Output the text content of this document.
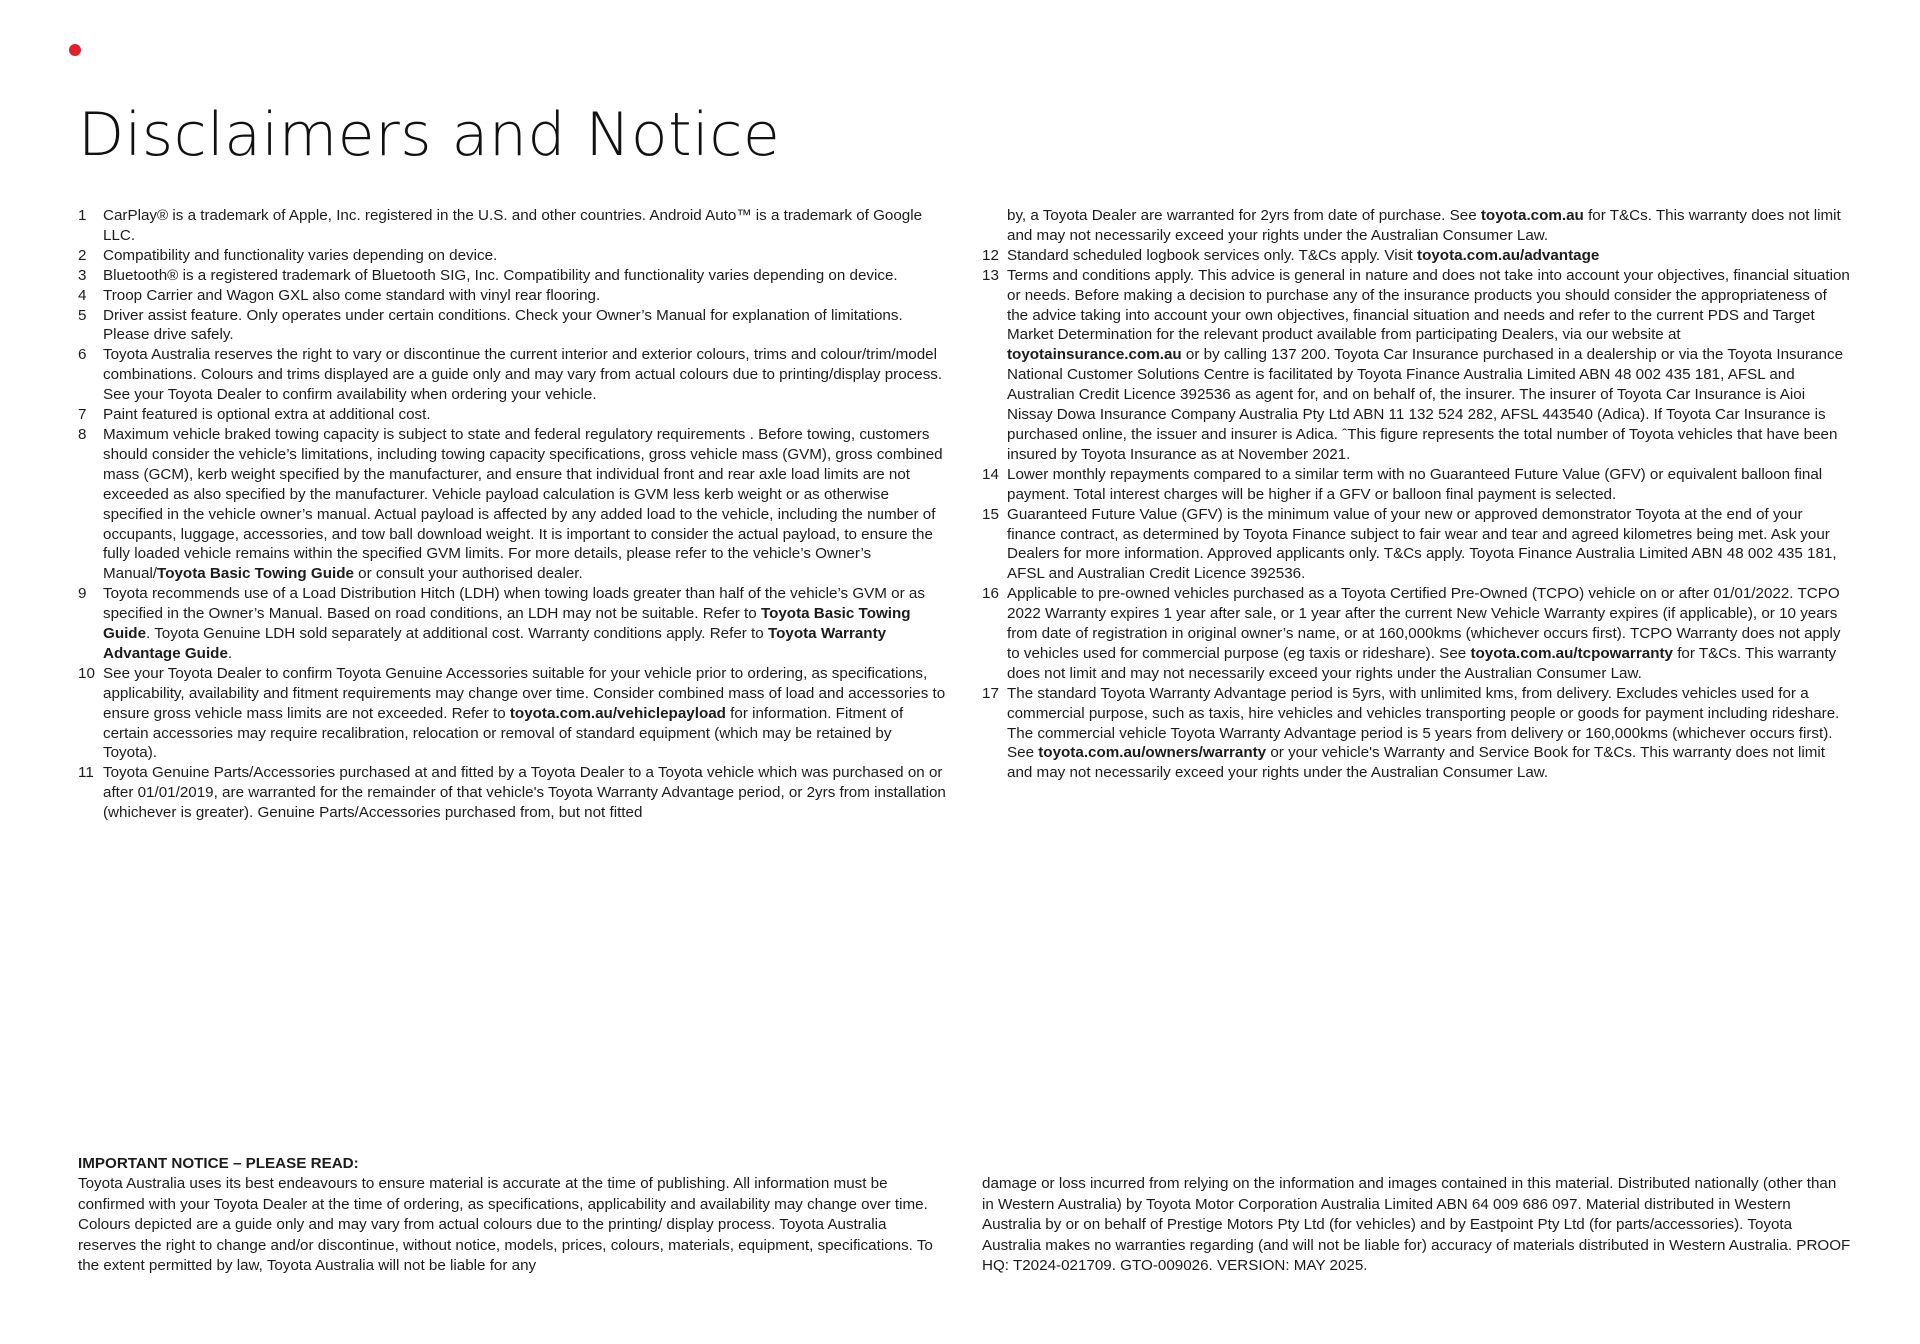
Disclaimers and Notice
1	CarPlay® is a trademark of Apple, Inc. registered in the U.S. and other countries. Android Auto™ is a trademark of Google LLC.
2	Compatibility and functionality varies depending on device.
3	Bluetooth® is a registered trademark of Bluetooth SIG, Inc. Compatibility and functionality varies depending on device.
4	Troop Carrier and Wagon GXL also come standard with vinyl rear flooring.
5	Driver assist feature. Only operates under certain conditions. Check your Owner’s Manual for explanation of limitations. Please drive safely.
6	Toyota Australia reserves the right to vary or discontinue the current interior and exterior colours, trims and colour/trim/model combinations. Colours and trims displayed are a guide only and may vary from actual colours due to printing/display process. See your Toyota Dealer to confirm availability when ordering your vehicle.
7	Paint featured is optional extra at additional cost.
8	Maximum vehicle braked towing capacity is subject to state and federal regulatory requirements . Before towing, customers should consider the vehicle’s limitations, including towing capacity specifications, gross vehicle mass (GVM), gross combined mass (GCM), kerb weight specified by the manufacturer, and ensure that individual front and rear axle load limits are not exceeded as also specified by the manufacturer. Vehicle payload calculation is GVM less kerb weight or as otherwise specified in the vehicle owner’s manual. Actual payload is affected by any added load to the vehicle, including the number of occupants, luggage, accessories, and tow ball download weight. It is important to consider the actual payload, to ensure the fully loaded vehicle remains within the specified GVM limits. For more details, please refer to the vehicle’s Owner’s Manual/Toyota Basic Towing Guide or consult your authorised dealer.
9	Toyota recommends use of a Load Distribution Hitch (LDH) when towing loads greater than half of the vehicle’s GVM or as specified in the Owner’s Manual. Based on road conditions, an LDH may not be suitable. Refer to Toyota Basic Towing Guide. Toyota Genuine LDH sold separately at additional cost. Warranty conditions apply. Refer to Toyota Warranty Advantage Guide.
10 See your Toyota Dealer to confirm Toyota Genuine Accessories suitable for your vehicle prior to ordering, as specifications, applicability, availability and fitment requirements may change over time. Consider combined mass of load and accessories to ensure gross vehicle mass limits are not exceeded. Refer to toyota.com.au/vehiclepayload for information. Fitment of certain accessories may require recalibration, relocation or removal of standard equipment (which may be retained by Toyota).
11 Toyota Genuine Parts/Accessories purchased at and fitted by a Toyota Dealer to a Toyota vehicle which was purchased on or after 01/01/2019, are warranted for the remainder of that vehicle's Toyota Warranty Advantage period, or 2yrs from installation (whichever is greater). Genuine Parts/Accessories purchased from, but not fitted
by, a Toyota Dealer are warranted for 2yrs from date of purchase. See toyota.com.au for T&Cs. This warranty does not limit and may not necessarily exceed your rights under the Australian Consumer Law.
12 Standard scheduled logbook services only. T&Cs apply. Visit toyota.com.au/advantage
13 Terms and conditions apply. This advice is general in nature and does not take into account your objectives, financial situation or needs. Before making a decision to purchase any of the insurance products you should consider the appropriateness of the advice taking into account your own objectives, financial situation and needs and refer to the current PDS and Target Market Determination for the relevant product available from participating Dealers, via our website at toyotainsurance.com.au or by calling 137 200. Toyota Car Insurance purchased in a dealership or via the Toyota Insurance National Customer Solutions Centre is facilitated by Toyota Finance Australia Limited ABN 48 002 435 181, AFSL and Australian Credit Licence 392536 as agent for, and on behalf of, the insurer. The insurer of Toyota Car Insurance is Aioi Nissay Dowa Insurance Company Australia Pty Ltd ABN 11 132 524 282, AFSL 443540 (Adica). If Toyota Car Insurance is purchased online, the issuer and insurer is Adica. ˆThis figure represents the total number of Toyota vehicles that have been insured by Toyota Insurance as at November 2021.
14 Lower monthly repayments compared to a similar term with no Guaranteed Future Value (GFV) or equivalent balloon final payment. Total interest charges will be higher if a GFV or balloon final payment is selected.
15 Guaranteed Future Value (GFV) is the minimum value of your new or approved demonstrator Toyota at the end of your finance contract, as determined by Toyota Finance subject to fair wear and tear and agreed kilometres being met. Ask your Dealers for more information. Approved applicants only. T&Cs apply. Toyota Finance Australia Limited ABN 48 002 435 181, AFSL and Australian Credit Licence 392536.
16 Applicable to pre-owned vehicles purchased as a Toyota Certified Pre-Owned (TCPO) vehicle on or after 01/01/2022. TCPO 2022 Warranty expires 1 year after sale, or 1 year after the current New Vehicle Warranty expires (if applicable), or 10 years from date of registration in original owner’s name, or at 160,000kms (whichever occurs first). TCPO Warranty does not apply to vehicles used for commercial purpose (eg taxis or rideshare). See toyota.com.au/tcpowarranty for T&Cs. This warranty does not limit and may not necessarily exceed your rights under the Australian Consumer Law.
17 The standard Toyota Warranty Advantage period is 5yrs, with unlimited kms, from delivery. Excludes vehicles used for a commercial purpose, such as taxis, hire vehicles and vehicles transporting people or goods for payment including rideshare. The commercial vehicle Toyota Warranty Advantage period is 5 years from delivery or 160,000kms (whichever occurs first). See toyota.com.au/owners/warranty or your vehicle's Warranty and Service Book for T&Cs. This warranty does not limit and may not necessarily exceed your rights under the Australian Consumer Law.
IMPORTANT NOTICE – PLEASE READ:
Toyota Australia uses its best endeavours to ensure material is accurate at the time of publishing. All information must be confirmed with your Toyota Dealer at the time of ordering, as specifications, applicability and availability may change over time. Colours depicted are a guide only and may vary from actual colours due to the printing/ display process. Toyota Australia reserves the right to change and/or discontinue, without notice, models, prices, colours, materials, equipment, specifications. To the extent permitted by law, Toyota Australia will not be liable for any
damage or loss incurred from relying on the information and images contained in this material. Distributed nationally (other than in Western Australia) by Toyota Motor Corporation Australia Limited ABN 64 009 686 097. Material distributed in Western Australia by or on behalf of Prestige Motors Pty Ltd (for vehicles) and by Eastpoint Pty Ltd (for parts/accessories). Toyota Australia makes no warranties regarding (and will not be liable for) accuracy of materials distributed in Western Australia. PROOF HQ: T2024-021709. GTO-009026. VERSION: MAY 2025.
